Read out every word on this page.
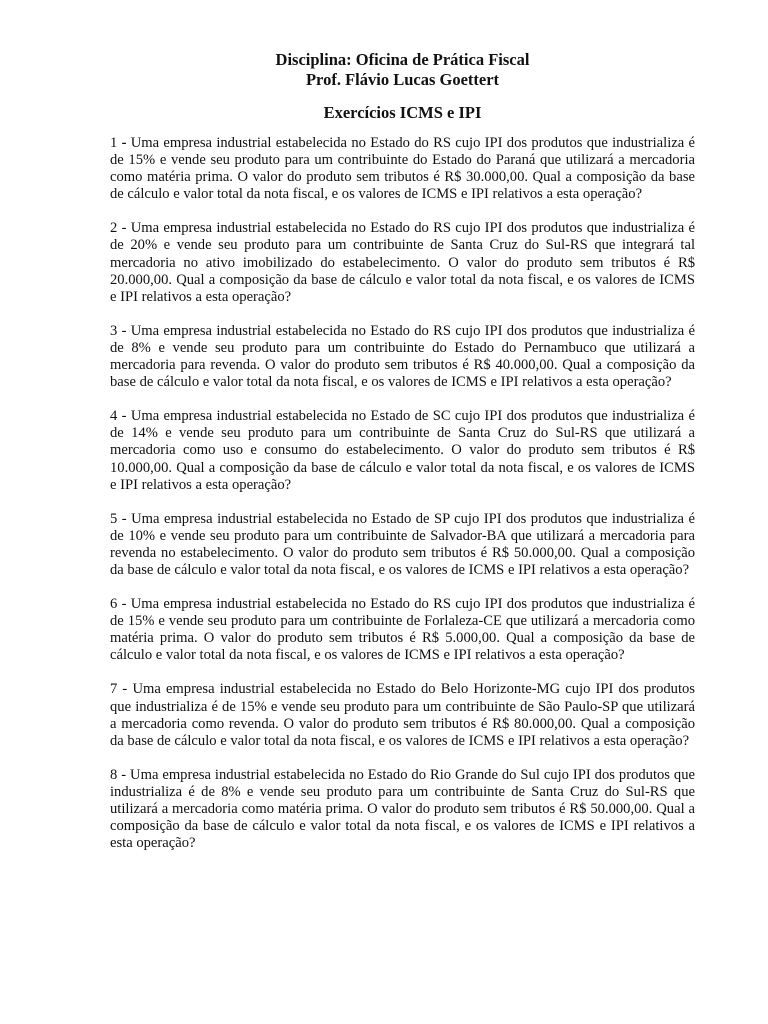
Disciplina: Oficina de Prática Fiscal
Prof. Flávio Lucas Goettert
Exercícios ICMS e IPI

1 - Uma empresa industrial estabelecida no Estado do RS cujo IPI dos produtos que industrializa é de 15% e vende seu produto para um contribuinte do Estado do Paraná que utilizará a mercadoria como matéria prima. O valor do produto sem tributos é R$ 30.000,00. Qual a composição da base de cálculo e valor total da nota fiscal, e os valores de ICMS e IPI relativos a esta operação?

2 - Uma empresa industrial estabelecida no Estado do RS cujo IPI dos produtos que industrializa é de 20% e vende seu produto para um contribuinte de Santa Cruz do Sul-RS que integrará tal mercadoria no ativo imobilizado do estabelecimento. O valor do produto sem tributos é R$ 20.000,00. Qual a composição da base de cálculo e valor total da nota fiscal, e os valores de ICMS e IPI relativos a esta operação?

3 - Uma empresa industrial estabelecida no Estado do RS cujo IPI dos produtos que industrializa é de 8% e vende seu produto para um contribuinte do Estado do Pernambuco que utilizará a mercadoria para revenda. O valor do produto sem tributos é R$ 40.000,00. Qual a composição da base de cálculo e valor total da nota fiscal, e os valores de ICMS e IPI relativos a esta operação?

4 - Uma empresa industrial estabelecida no Estado de SC cujo IPI dos produtos que industrializa é de 14% e vende seu produto para um contribuinte de Santa Cruz do Sul-RS que utilizará a mercadoria como uso e consumo do estabelecimento. O valor do produto sem tributos é R$ 10.000,00. Qual a composição da base de cálculo e valor total da nota fiscal, e os valores de ICMS e IPI relativos a esta operação?

5 - Uma empresa industrial estabelecida no Estado de SP cujo IPI dos produtos que industrializa é de 10% e vende seu produto para um contribuinte de Salvador-BA que utilizará a mercadoria para revenda no estabelecimento. O valor do produto sem tributos é R$ 50.000,00. Qual a composição da base de cálculo e valor total da nota fiscal, e os valores de ICMS e IPI relativos a esta operação?

6 - Uma empresa industrial estabelecida no Estado do RS cujo IPI dos produtos que industrializa é de 15% e vende seu produto para um contribuinte de Forlaleza-CE que utilizará a mercadoria como matéria prima. O valor do produto sem tributos é R$ 5.000,00. Qual a composição da base de cálculo e valor total da nota fiscal, e os valores de ICMS e IPI relativos a esta operação?

7 - Uma empresa industrial estabelecida no Estado do Belo Horizonte-MG cujo IPI dos produtos que industrializa é de 15% e vende seu produto para um contribuinte de São Paulo-SP que utilizará a mercadoria como revenda. O valor do produto sem tributos é R$ 80.000,00. Qual a composição da base de cálculo e valor total da nota fiscal, e os valores de ICMS e IPI relativos a esta operação?

8 - Uma empresa industrial estabelecida no Estado do Rio Grande do Sul cujo IPI dos produtos que industrializa é de 8% e vende seu produto para um contribuinte de Santa Cruz do Sul-RS que utilizará a mercadoria como matéria prima. O valor do produto sem tributos é R$ 50.000,00. Qual a composição da base de cálculo e valor total da nota fiscal, e os valores de ICMS e IPI relativos a esta operação?
